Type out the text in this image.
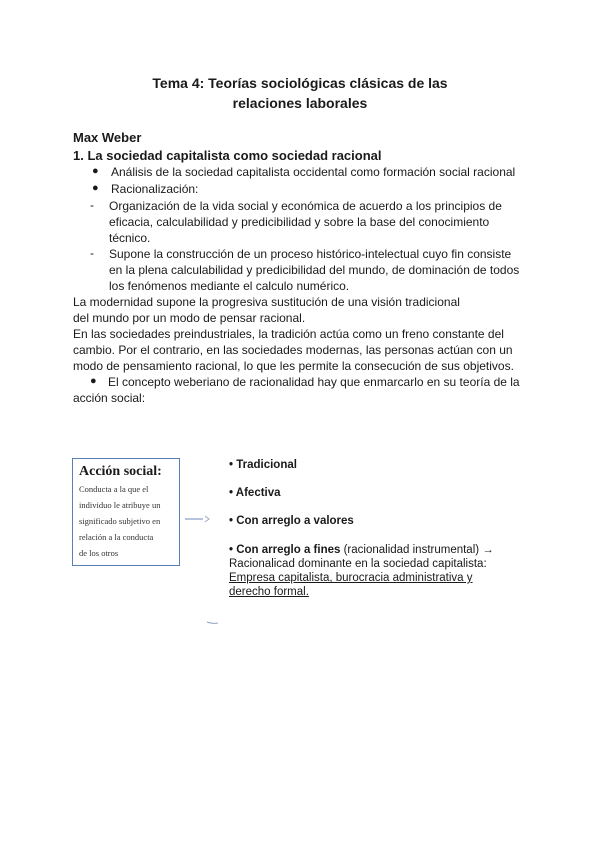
Tema 4: Teorías sociológicas clásicas de las
relaciones laborales
Max Weber
1. La sociedad capitalista como sociedad racional
● Análisis de la sociedad capitalista occidental como formación social racional
● Racionalización:
- Organización de la vida social y económica de acuerdo a los principios de
eficacia, calculabilidad y predicibilidad y sobre la base del conocimiento
técnico.
- Supone la construcción de un proceso histórico-intelectual cuyo fin consiste
en la plena calculabilidad y predicibilidad del mundo, de dominación de todos
los fenómenos mediante el calculo numérico.
La modernidad supone la progresiva sustitución de una visión tradicional
del mundo por un modo de pensar racional.
En las sociedades preindustriales, la tradición actúa como un freno constante del
cambio. Por el contrario, en las sociedades modernas, las personas actúan con un
modo de pensamiento racional, lo que les permite la consecución de sus objetivos.
● El concepto weberiano de racionalidad hay que enmarcarlo en su teoría de la
acción social:
Acción social:
Conducta a la que el
individuo le atribuye un
significado subjetivo en
relación a la conducta
de los otros
• Tradicional
• Afectiva
• Con arreglo a valores
• Con arreglo a fines (racionalidad instrumental) →
Racionalicad dominante en la sociedad capitalista:
Empresa capitalista, burocracia administrativa y
derecho formal.
